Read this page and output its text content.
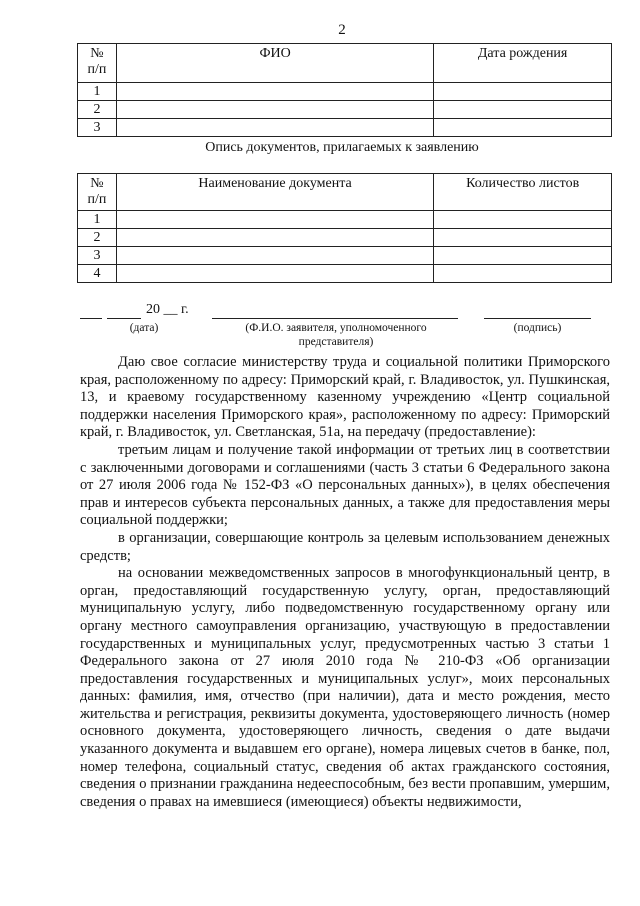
2
№
п/п	ФИО	Дата рождения
1		
2		
3		
Опись документов, прилагаемых к заявлению
№
п/п	Наименование документа	Количество листов
1		
2		
3		
4		
20 __ г.
(дата)	(Ф.И.О. заявителя, уполномоченного представителя)
(подпись)

Даю свое согласие министерству труда и социальной политики Приморского края, расположенному по адресу: Приморский край, г. Владивосток, ул. Пушкинская, 13, и краевому государственному казенному учреждению «Центр социальной поддержки населения Приморского края», расположенному по адресу: Приморский край, г. Владивосток, ул. Светланская, 51а, на передачу (предоставление):

третьим лицам и получение такой информации от третьих лиц в соответствии с заключенными договорами и соглашениями (часть 3 статьи 6 Федерального закона от 27 июля 2006 года № 152-ФЗ «О персональных данных»), в целях обеспечения прав и интересов субъекта персональных данных, а также для предоставления меры социальной поддержки;

в организации, совершающие контроль за целевым использованием денежных средств;

на основании межведомственных запросов в многофункциональный центр, в орган, предоставляющий государственную услугу, орган, предоставляющий муниципальную услугу, либо подведомственную государственному органу или органу местного самоуправления организацию, участвующую в предоставлении государственных и муниципальных услуг, предусмотренных частью 3 статьи 1 Федерального закона от 27 июля 2010 года № 210-ФЗ «Об организации предоставления государственных и муниципальных услуг», моих персональных данных: фамилия, имя, отчество (при наличии), дата и место рождения, место жительства и регистрация, реквизиты документа, удостоверяющего личность (номер основного документа, удостоверяющего личность, сведения о дате выдачи указанного документа и выдавшем его органе), номера лицевых счетов в банке, пол, номер телефона, социальный статус, сведения об актах гражданского состояния, сведения о признании гражданина недееспособным, без вести пропавшим, умершим, сведения о правах на имевшиеся (имеющиеся) объекты недвижимости,
